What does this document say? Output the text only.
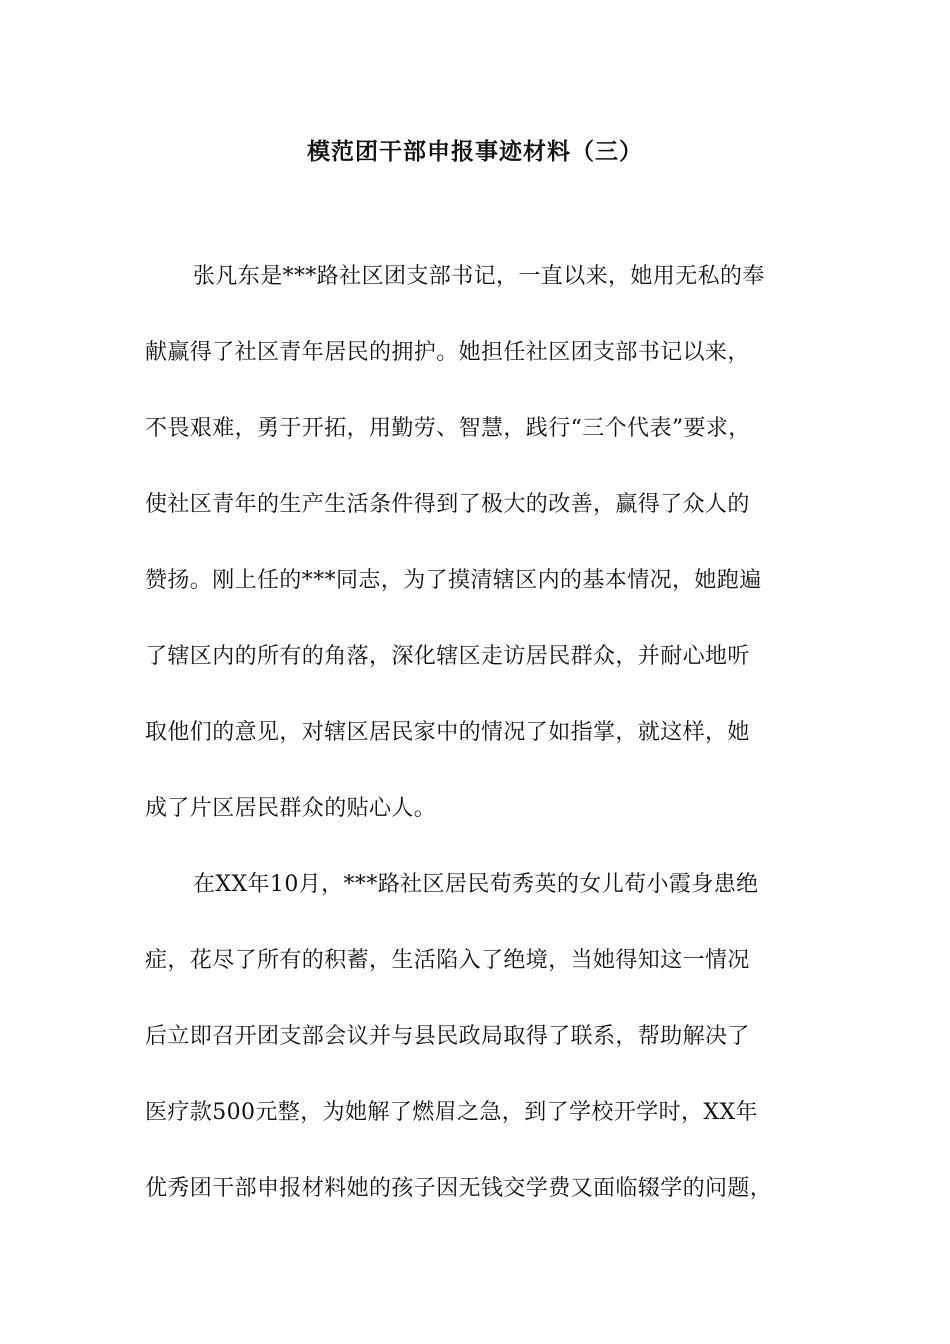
模范团干部申报事迹材料（三）
张凡东是***路社区团支部书记，一直以来，她用无私的奉
献赢得了社区青年居民的拥护。她担任社区团支部书记以来，
不畏艰难，勇于开拓，用勤劳、智慧，践行“三个代表”要求，
使社区青年的生产生活条件得到了极大的改善，赢得了众人的
赞扬。刚上任的***同志，为了摸清辖区内的基本情况，她跑遍
了辖区内的所有的角落，深化辖区走访居民群众，并耐心地听
取他们的意见，对辖区居民家中的情况了如指掌，就这样，她
成了片区居民群众的贴心人。
在XX年10月，***路社区居民荀秀英的女儿荀小霞身患绝
症，花尽了所有的积蓄，生活陷入了绝境，当她得知这一情况
后立即召开团支部会议并与县民政局取得了联系，帮助解决了
医疗款500元整，为她解了燃眉之急，到了学校开学时，XX年
优秀团干部申报材料她的孩子因无钱交学费又面临辍学的问题，
